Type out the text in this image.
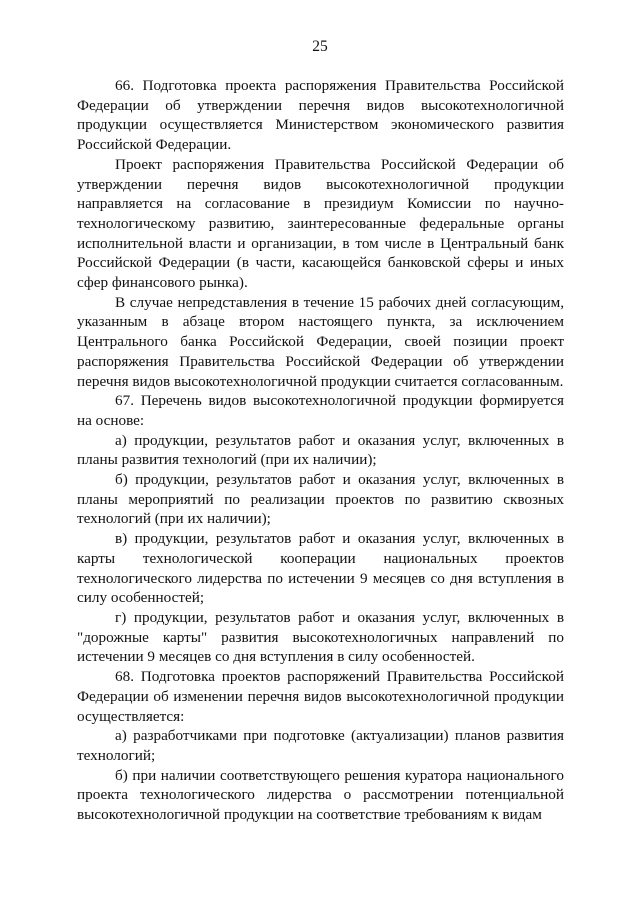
25

66. Подготовка проекта распоряжения Правительства Российской Федерации об утверждении перечня видов высокотехнологичной продукции осуществляется Министерством экономического развития Российской Федерации.

Проект распоряжения Правительства Российской Федерации об утверждении перечня видов высокотехнологичной продукции направляется на согласование в президиум Комиссии по научно-технологическому развитию, заинтересованные федеральные органы исполнительной власти и организации, в том числе в Центральный банк Российской Федерации (в части, касающейся банковской сферы и иных сфер финансового рынка).

В случае непредставления в течение 15 рабочих дней согласующим, указанным в абзаце втором настоящего пункта, за исключением Центрального банка Российской Федерации, своей позиции проект распоряжения Правительства Российской Федерации об утверждении перечня видов высокотехнологичной продукции считается согласованным.

67. Перечень видов высокотехнологичной продукции формируется на основе:

а) продукции, результатов работ и оказания услуг, включенных в планы развития технологий (при их наличии);

б) продукции, результатов работ и оказания услуг, включенных в планы мероприятий по реализации проектов по развитию сквозных технологий (при их наличии);

в) продукции, результатов работ и оказания услуг, включенных в карты технологической кооперации национальных проектов технологического лидерства по истечении 9 месяцев со дня вступления в силу особенностей;

г) продукции, результатов работ и оказания услуг, включенных в "дорожные карты" развития высокотехнологичных направлений по истечении 9 месяцев со дня вступления в силу особенностей.

68. Подготовка проектов распоряжений Правительства Российской Федерации об изменении перечня видов высокотехнологичной продукции осуществляется:

а) разработчиками при подготовке (актуализации) планов развития технологий;

б) при наличии соответствующего решения куратора национального проекта технологического лидерства о рассмотрении потенциальной высокотехнологичной продукции на соответствие требованиям к видам
